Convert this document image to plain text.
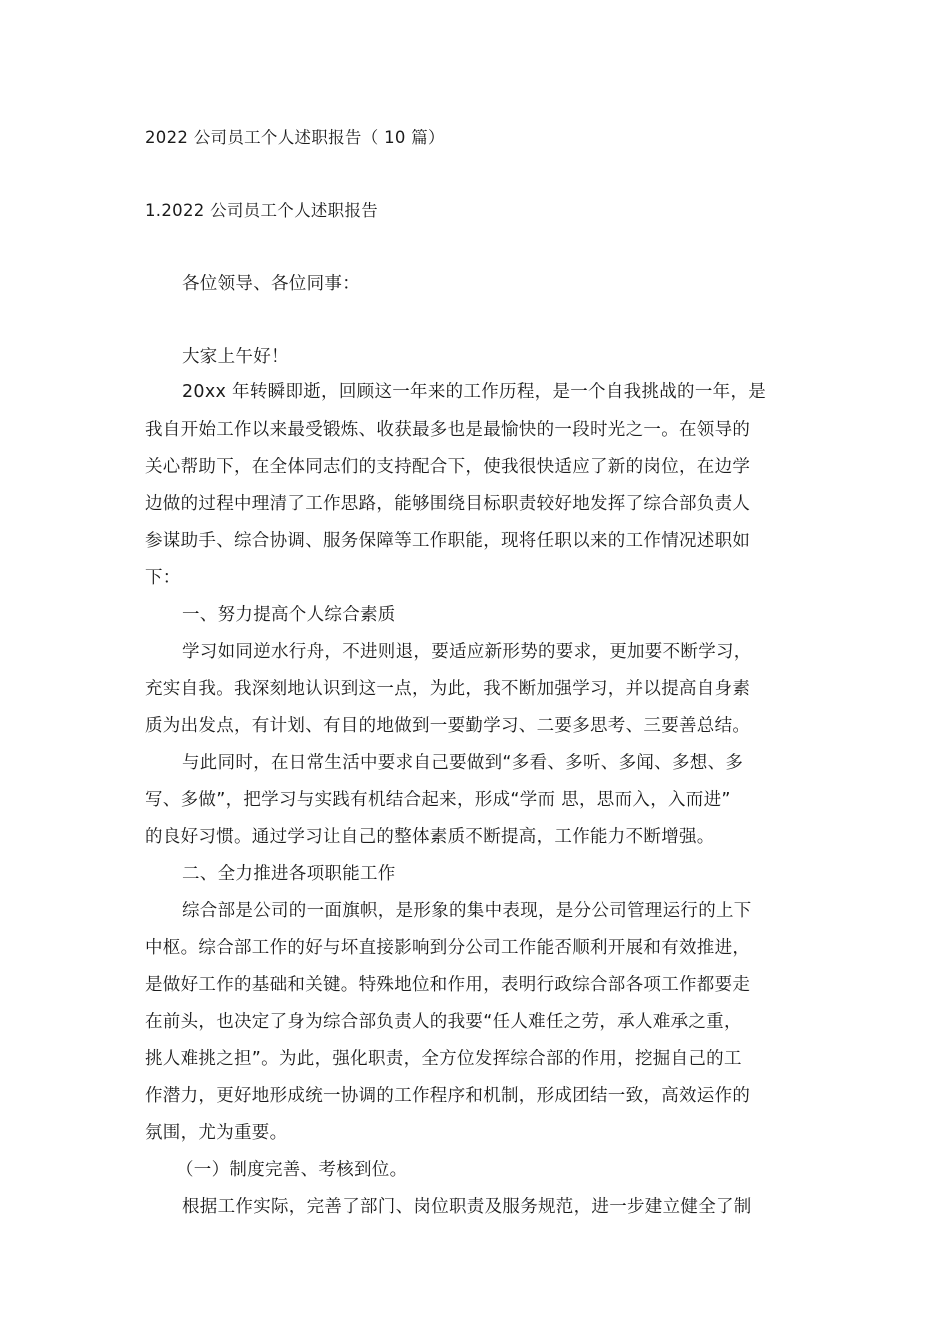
2022 公司员工个人述职报告（ 10 篇）
1.2022 公司员工个人述职报告
各位领导、各位同事：
大家上午好！
20xx 年转瞬即逝，回顾这一年来的工作历程，是一个自我挑战的一年，是
我自开始工作以来最受锻炼、收获最多也是最愉快的一段时光之一。在领导的
关心帮助下，在全体同志们的支持配合下，使我很快适应了新的岗位，在边学
边做的过程中理清了工作思路，能够围绕目标职责较好地发挥了综合部负责人
参谋助手、综合协调、服务保障等工作职能，现将任职以来的工作情况述职如
下：
一、努力提高个人综合素质
学习如同逆水行舟，不进则退，要适应新形势的要求，更加要不断学习，
充实自我。我深刻地认识到这一点，为此，我不断加强学习，并以提高自身素
质为出发点，有计划、有目的地做到一要勤学习、二要多思考、三要善总结。
与此同时，在日常生活中要求自己要做到“多看、多听、多闻、多想、多
写、多做”，把学习与实践有机结合起来，形成“学而 思，思而入，入而进”
的良好习惯。通过学习让自己的整体素质不断提高，工作能力不断增强。
二、全力推进各项职能工作
综合部是公司的一面旗帜，是形象的集中表现，是分公司管理运行的上下
中枢。综合部工作的好与坏直接影响到分公司工作能否顺利开展和有效推进，
是做好工作的基础和关键。特殊地位和作用，表明行政综合部各项工作都要走
在前头，也决定了身为综合部负责人的我要“任人难任之劳，承人难承之重，
挑人难挑之担”。为此，强化职责，全方位发挥综合部的作用，挖掘自己的工
作潜力，更好地形成统一协调的工作程序和机制，形成团结一致，高效运作的
氛围，尤为重要。
（一）制度完善、考核到位。
根据工作实际，完善了部门、岗位职责及服务规范，进一步建立健全了制
